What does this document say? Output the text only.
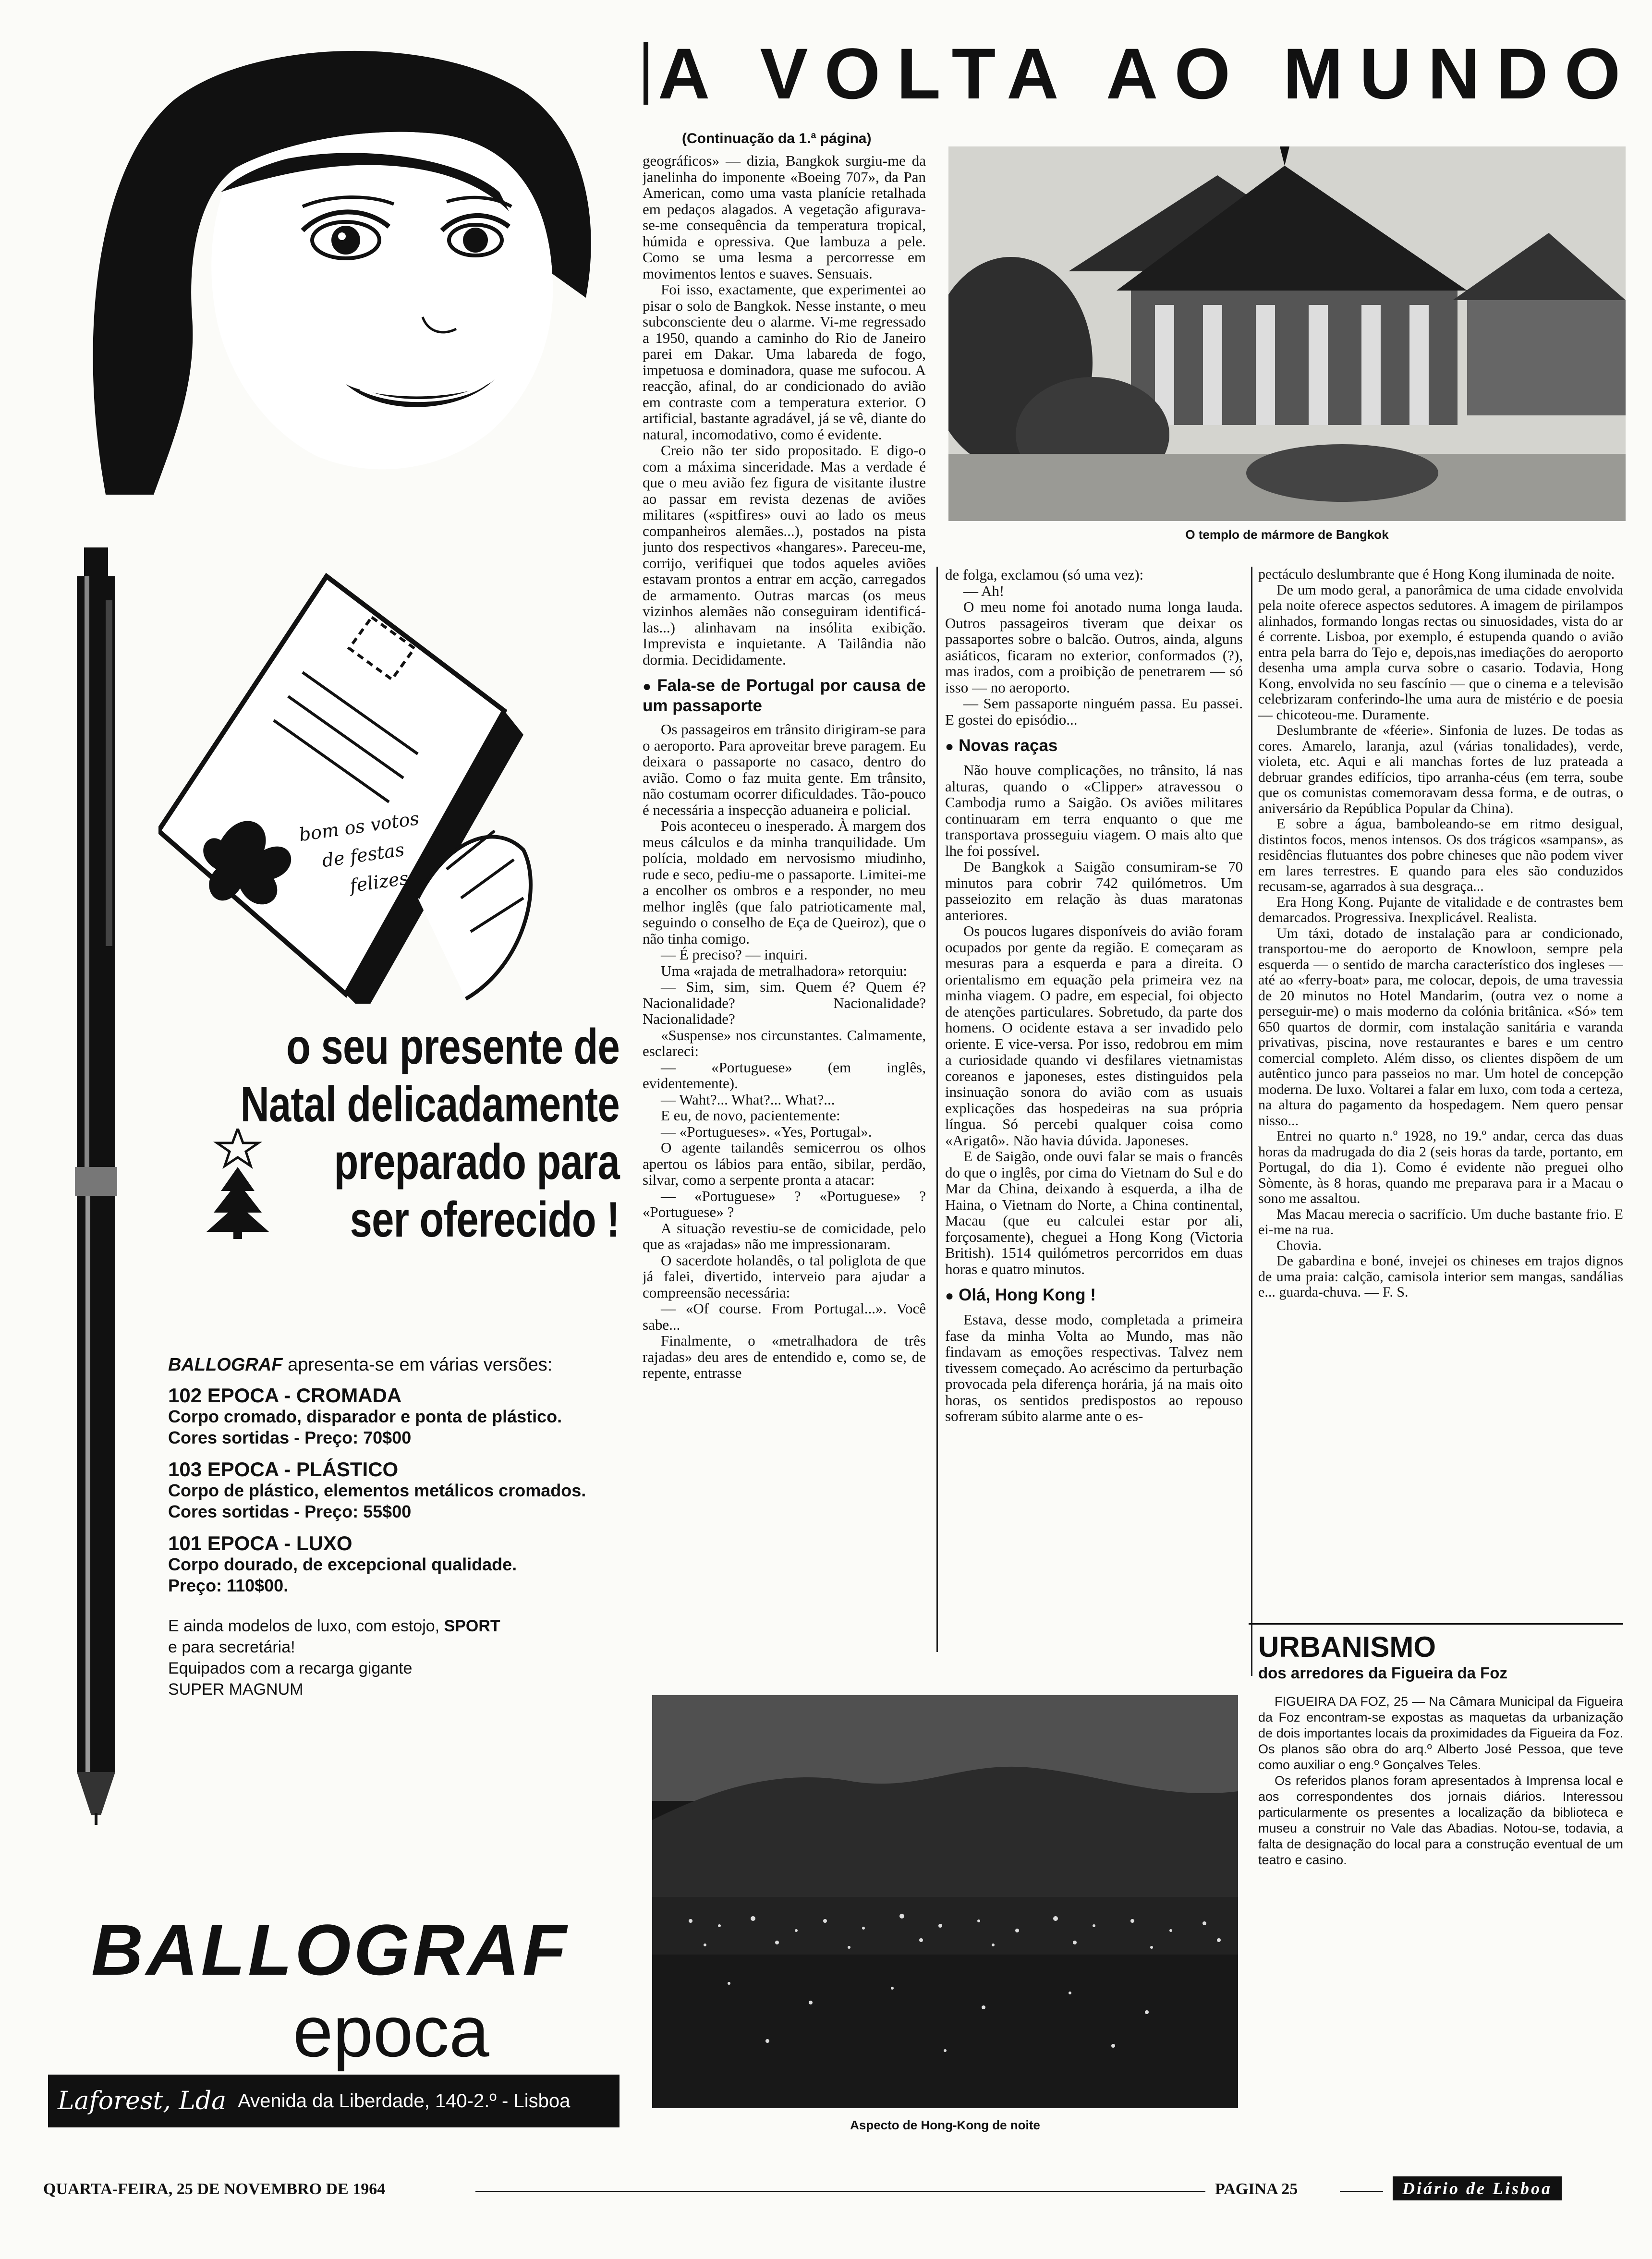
bom os votos
de festas
felizes
o seu presente de
Natal delicadamente
preparado para
ser oferecido !
BALLOGRAF apresenta-se em várias versões:
102 EPOCA - CROMADA
Corpo cromado, disparador e ponta de plástico.
Cores sortidas - Preço: 70$00
103 EPOCA - PLÁSTICO
Corpo de plástico, elementos metálicos cromados.
Cores sortidas - Preço: 55$00
101 EPOCA - LUXO
Corpo dourado, de excepcional qualidade.
Preço: 110$00.
E ainda modelos de luxo, com estojo, SPORT
e para secretária!
Equipados com a recarga gigante
SUPER MAGNUM
BALLOGRAF
epoca
Laforest, Lda Avenida da Liberdade, 140-2.º - Lisboa
A VOLTA AO MUNDO
(Continuação da 1.ª página)

geográficos» — dizia, Bangkok surgiu-me da janelinha do imponente «Boeing 707», da Pan American, como uma vasta planície retalhada em pedaços alagados. A vegetação afigurava-se-me consequência da temperatura tropical, húmida e opressiva. Que lambuza a pele. Como se uma lesma a percorresse em movimentos lentos e suaves. Sensuais.

Foi isso, exactamente, que experimentei ao pisar o solo de Bangkok. Nesse instante, o meu subconsciente deu o alarme. Vi-me regressado a 1950, quando a caminho do Rio de Janeiro parei em Dakar. Uma labareda de fogo, impetuosa e dominadora, quase me sufocou. A reacção, afinal, do ar condicionado do avião em contraste com a temperatura exterior. O artificial, bastante agradável, já se vê, diante do natural, incomodativo, como é evidente.

Creio não ter sido propositado. E digo-o com a máxima sinceridade. Mas a verdade é que o meu avião fez figura de visitante ilustre ao passar em revista dezenas de aviões militares («spitfires» ouvi ao lado os meus companheiros alemães...), postados na pista junto dos respectivos «hangares». Pareceu-me, corrijo, verifiquei que todos aqueles aviões estavam prontos a entrar em acção, carregados de armamento. Outras marcas (os meus vizinhos alemães não conseguiram identificá-las...) alinhavam na insólita exibição. Imprevista e inquietante. A Tailândia não dormia. Decididamente.

● Fala-se de Portugal por causa de um passaporte

Os passageiros em trânsito dirigiram-se para o aeroporto. Para aproveitar breve paragem. Eu deixara o passaporte no casaco, dentro do avião. Como o faz muita gente. Em trânsito, não costumam ocorrer dificuldades. Tão-pouco é necessária a inspecção aduaneira e policial.

Pois aconteceu o inesperado. À margem dos meus cálculos e da minha tranquilidade. Um polícia, moldado em nervosismo miudinho, rude e seco, pediu-me o passaporte. Limitei-me a encolher os ombros e a responder, no meu melhor inglês (que falo patrioticamente mal, seguindo o conselho de Eça de Queiroz), que o não tinha comigo.

— É preciso? — inquiri.

Uma «rajada de metralhadora» retorquiu:

— Sim, sim, sim. Quem é? Quem é? Nacionalidade? Nacionalidade? Nacionalidade?

«Suspense» nos circunstantes. Calmamente, esclareci:

— «Portuguese» (em inglês, evidentemente).

— Waht?... What?... What?...

E eu, de novo, pacientemente:

— «Portugueses». «Yes, Portugal».

O agente tailandês semicerrou os olhos apertou os lábios para então, sibilar, perdão, silvar, como a serpente pronta a atacar:

— «Portuguese» ? «Portuguese» ? «Portuguese» ?

A situação revestiu-se de comicidade, pelo que as «rajadas» não me impressionaram.

O sacerdote holandês, o tal poliglota de que já falei, divertido, interveio para ajudar a compreensão necessária:

— «Of course. From Portugal...». Você sabe...

Finalmente, o «metralhadora de três rajadas» deu ares de entendido e, como se, de repente, entrasse

O templo de mármore de Bangkok

de folga, exclamou (só uma vez):

— Ah!

O meu nome foi anotado numa longa lauda. Outros passageiros tiveram que deixar os passaportes sobre o balcão. Outros, ainda, alguns asiáticos, ficaram no exterior, conformados (?), mas irados, com a proibição de penetrarem — só isso — no aeroporto.

— Sem passaporte ninguém passa. Eu passei. E gostei do episódio...

● Novas raças

Não houve complicações, no trânsito, lá nas alturas, quando o «Clipper» atravessou o Cambodja rumo a Saigão. Os aviões militares continuaram em terra enquanto o que me transportava prosseguiu viagem. O mais alto que lhe foi possível.

De Bangkok a Saigão consumiram-se 70 minutos para cobrir 742 quilómetros. Um passeiozito em relação às duas maratonas anteriores.

Os poucos lugares disponíveis do avião foram ocupados por gente da região. E começaram as mesuras para a esquerda e para a direita. O orientalismo em equação pela primeira vez na minha viagem. O padre, em especial, foi objecto de atenções particulares. Sobretudo, da parte dos homens. O ocidente estava a ser invadido pelo oriente. E vice-versa. Por isso, redobrou em mim a curiosidade quando vi desfilares vietnamistas coreanos e japoneses, estes distinguidos pela insinuação sonora do avião com as usuais explicações das hospedeiras na sua própria língua. Só percebi qualquer coisa como «Arigatô». Não havia dúvida. Japoneses.

E de Saigão, onde ouvi falar se mais o francês do que o inglês, por cima do Vietnam do Sul e do Mar da China, deixando à esquerda, a ilha de Haina, o Vietnam do Norte, a China continental, Macau (que eu calculei estar por ali, forçosamente), cheguei a Hong Kong (Victoria British). 1514 quilómetros percorridos em duas horas e quatro minutos.

● Olá, Hong Kong !

Estava, desse modo, completada a primeira fase da minha Volta ao Mundo, mas não findavam as emoções respectivas. Talvez nem tivessem começado. Ao acréscimo da perturbação provocada pela diferença horária, já na mais oito horas, os sentidos predispostos ao repouso sofreram súbito alarme ante o es-

pectáculo deslumbrante que é Hong Kong iluminada de noite.

De um modo geral, a panorâmica de uma cidade envolvida pela noite oferece aspectos sedutores. A imagem de pirilampos alinhados, formando longas rectas ou sinuosidades, vista do ar é corrente. Lisboa, por exemplo, é estupenda quando o avião entra pela barra do Tejo e, depois,nas imediações do aeroporto desenha uma ampla curva sobre o casario. Todavia, Hong Kong, envolvida no seu fascínio — que o cinema e a televisão celebrizaram conferindo-lhe uma aura de mistério e de poesia — chicoteou-me. Duramente.

Deslumbrante de «féerie». Sinfonia de luzes. De todas as cores. Amarelo, laranja, azul (várias tonalidades), verde, violeta, etc. Aqui e ali manchas fortes de luz prateada a debruar grandes edifícios, tipo arranha-céus (em terra, soube que os comunistas comemoravam dessa forma, e de outras, o aniversário da República Popular da China).

E sobre a água, bamboleando-se em ritmo desigual, distintos focos, menos intensos. Os dos trágicos «sampans», as residências flutuantes dos pobre chineses que não podem viver em lares terrestres. E quando para eles são conduzidos recusam-se, agarrados à sua desgraça...

Era Hong Kong. Pujante de vitalidade e de contrastes bem demarcados. Progressiva. Inexplicável. Realista.

Um táxi, dotado de instalação para ar condicionado, transportou-me do aeroporto de Knowloon, sempre pela esquerda — o sentido de marcha característico dos ingleses — até ao «ferry-boat» para, me colocar, depois, de uma travessia de 20 minutos no Hotel Mandarim, (outra vez o nome a perseguir-me) o mais moderno da colónia britânica. «Só» tem 650 quartos de dormir, com instalação sanitária e varanda privativas, piscina, nove restaurantes e bares e um centro comercial completo. Além disso, os clientes dispõem de um autêntico junco para passeios no mar. Um hotel de concepção moderna. De luxo. Voltarei a falar em luxo, com toda a certeza, na altura do pagamento da hospedagem. Nem quero pensar nisso...

Entrei no quarto n.º 1928, no 19.º andar, cerca das duas horas da madrugada do dia 2 (seis horas da tarde, portanto, em Portugal, do dia 1). Como é evidente não preguei olho Sòmente, às 8 horas, quando me preparava para ir a Macau o sono me assaltou.

Mas Macau merecia o sacrifício. Um duche bastante frio. E ei-me na rua.

Chovia.

De gabardina e boné, invejei os chineses em trajos dignos de uma praia: calção, camisola interior sem mangas, sandálias e... guarda-chuva. — F. S.

Aspecto de Hong-Kong de noite
URBANISMO
dos arredores da Figueira da Foz

FIGUEIRA DA FOZ, 25 — Na Câmara Municipal da Figueira da Foz encontram-se expostas as maquetas da urbanização de dois importantes locais da proximidades da Figueira da Foz. Os planos são obra do arq.º Alberto José Pessoa, que teve como auxiliar o eng.º Gonçalves Teles.

Os referidos planos foram apresentados à Imprensa local e aos correspondentes dos jornais diários. Interessou particularmente os presentes a localização da biblioteca e museu a construir no Vale das Abadias. Notou-se, todavia, a falta de designação do local para a construção eventual de um teatro e casino.

QUARTA-FEIRA, 25 DE NOVEMBRO DE 1964	PAGINA 25	Diário de Lisboa
